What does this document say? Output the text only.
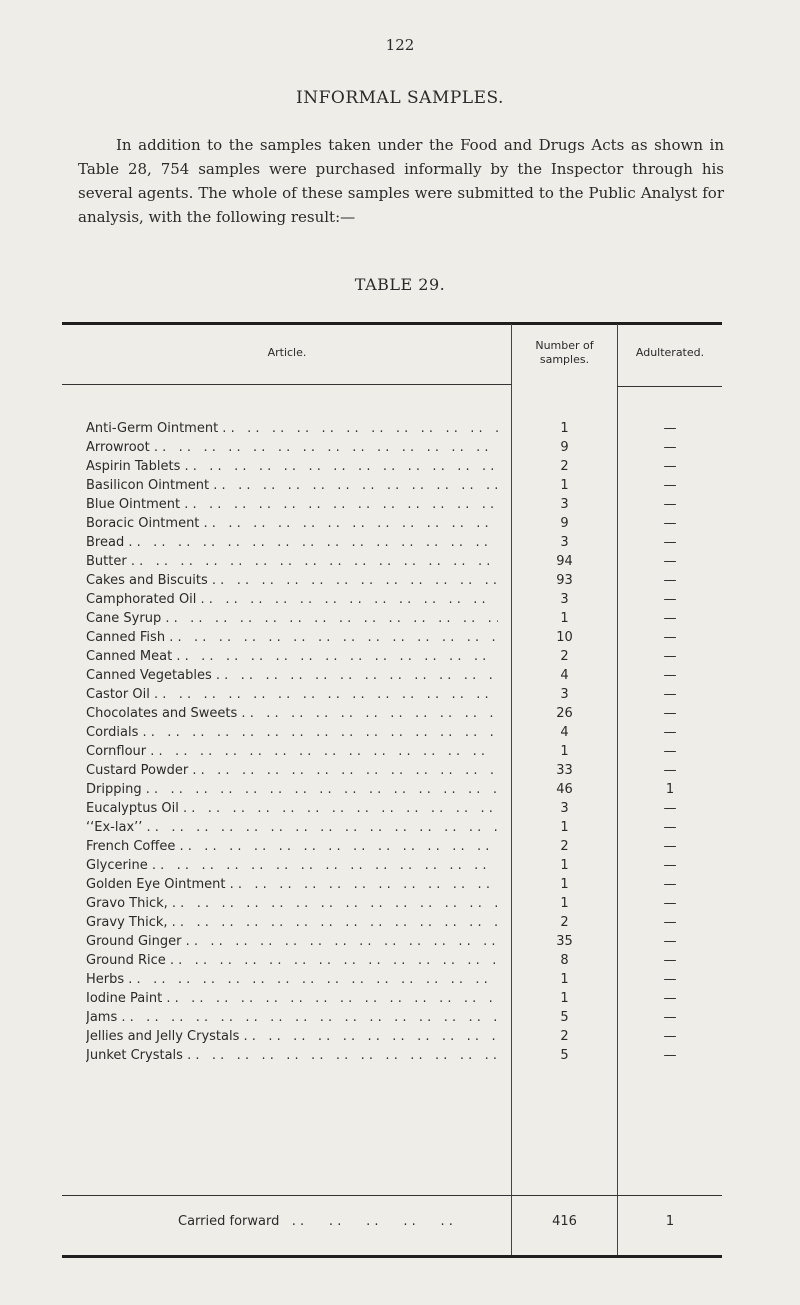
122
INFORMAL SAMPLES.

In addition to the samples taken under the Food and Drugs Acts as shown in Table 28, 754 samples were purchased informally by the Inspector through his several agents. The whole of these samples were submitted to the Public Analyst for analysis, with the following result:—

TABLE 29.
Article.
Number of samples.
Adulterated.
Anti-Germ Ointment . .	1	—
Arrowroot . .	9	—
Aspirin Tablets . .	2	—
Basilicon Ointment . .	1	—
Blue Ointment . .	3	—
Boracic Ointment . .	9	—
Bread . .	3	—
Butter . .	94	—
Cakes and Biscuits . .	93	—
Camphorated Oil . .	3	—
Cane Syrup . .	1	—
Canned Fish . .	10	—
Canned Meat . .	2	—
Canned Vegetables . .	4	—
Castor Oil . .	3	—
Chocolates and Sweets . .	26	—
Cordials . .	4	—
Cornflour . .	1	—
Custard Powder . .	33	—
Dripping . .	46	1
Eucalyptus Oil . .	3	—
‘‘Ex-lax’’ . .	1	—
French Coffee . .	2	—
Glycerine . .	1	—
Golden Eye Ointment . .	1	—
Gravo Thick, . .	1	—
Gravy Thick, . .	2	—
Ground Ginger . .	35	—
Ground Rice . .	8	—
Herbs . .	1	—
Iodine Paint . .	1	—
Jams . .	5	—
Jellies and Jelly Crystals . .	2	—
Junket Crystals . .	5	—
Carried forward . .	416	1
